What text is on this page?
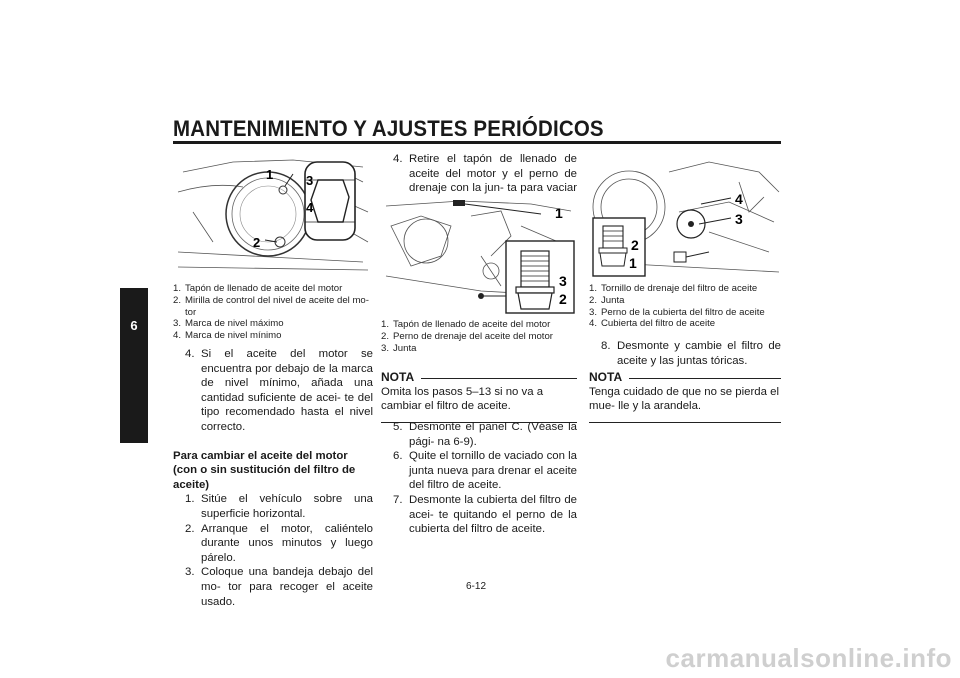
MANTENIMIENTO Y AJUSTES PERIÓDICOS
6
1
2
3
4
1. Tapón de llenado de aceite del motor
2. Mirilla de control del nivel de aceite del mo- tor
3. Marca de nivel máximo
4. Marca de nivel mínimo
4. Si el aceite del motor se encuentra por debajo de la marca de nivel mínimo, añada una cantidad suficiente de acei- te del tipo recomendado hasta el nivel correcto.
Para cambiar el aceite del motor (con o sin sustitución del filtro de aceite)
1. Sitúe el vehículo sobre una superficie horizontal.
2. Arranque el motor, caliéntelo durante unos minutos y luego párelo.
3. Coloque una bandeja debajo del mo- tor para recoger el aceite usado.
4. Retire el tapón de llenado de aceite del motor y el perno de drenaje con la jun- ta para vaciar
1
3
2
1. Tapón de llenado de aceite del motor
2. Perno de drenaje del aceite del motor
3. Junta
NOTA
Omita los pasos 5–13 si no va a cambiar el filtro de aceite.
5. Desmonte el panel C. (Véase la pági- na 6-9).
6. Quite el tornillo de vaciado con la junta nueva para drenar el aceite del filtro de aceite.
7. Desmonte la cubierta del filtro de acei- te quitando el perno de la cubierta del filtro de aceite.
4
3
2
1
1. Tornillo de drenaje del filtro de aceite
2. Junta
3. Perno de la cubierta del filtro de aceite
4. Cubierta del filtro de aceite
8. Desmonte y cambie el filtro de aceite y las juntas tóricas.
NOTA
Tenga cuidado de que no se pierda el mue- lle y la arandela.
6-12
carmanualsonline.info
